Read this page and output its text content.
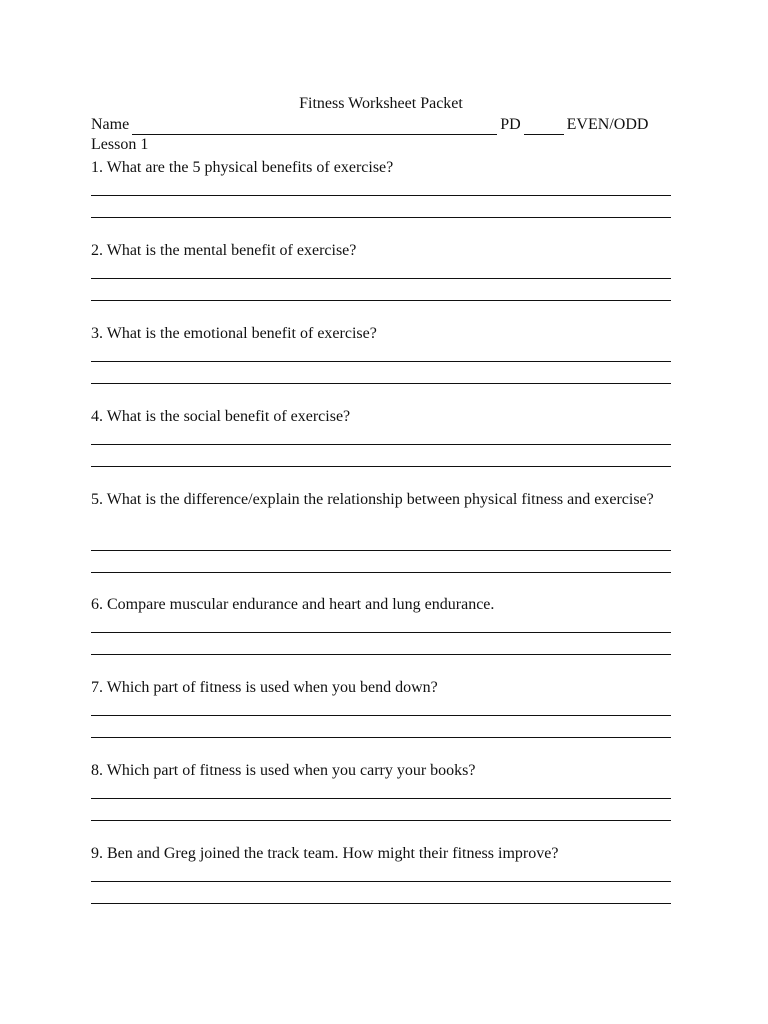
Fitness Worksheet Packet
Name	PD	EVEN/ODD
Lesson 1
1. What are the 5 physical benefits of exercise?
2. What is the mental benefit of exercise?
3. What is the emotional benefit of exercise?
4. What is the social benefit of exercise?
5. What is the difference/explain the relationship between physical fitness and exercise?
6. Compare muscular endurance and heart and lung endurance.
7. Which part of fitness is used when you bend down?
8. Which part of fitness is used when you carry your books?
9. Ben and Greg joined the track team. How might their fitness improve?
